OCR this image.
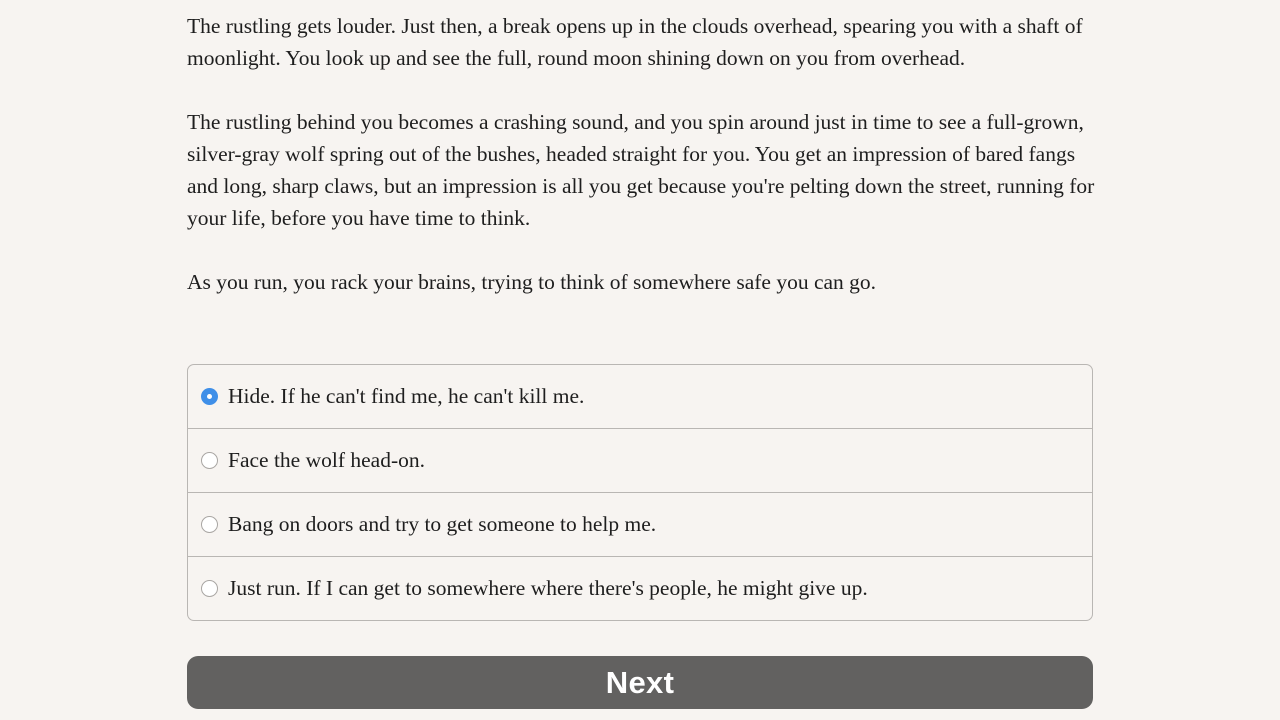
The rustling gets louder. Just then, a break opens up in the clouds overhead, spearing you with a shaft of moonlight. You look up and see the full, round moon shining down on you from overhead.

The rustling behind you becomes a crashing sound, and you spin around just in time to see a full-grown, silver-gray wolf spring out of the bushes, headed straight for you. You get an impression of bared fangs and long, sharp claws, but an impression is all you get because you're pelting down the street, running for your life, before you have time to think.

As you run, you rack your brains, trying to think of somewhere safe you can go.

Hide. If he can't find me, he can't kill me.
Face the wolf head-on.
Bang on doors and try to get someone to help me.
Just run. If I can get to somewhere where there's people, he might give up.
Next
